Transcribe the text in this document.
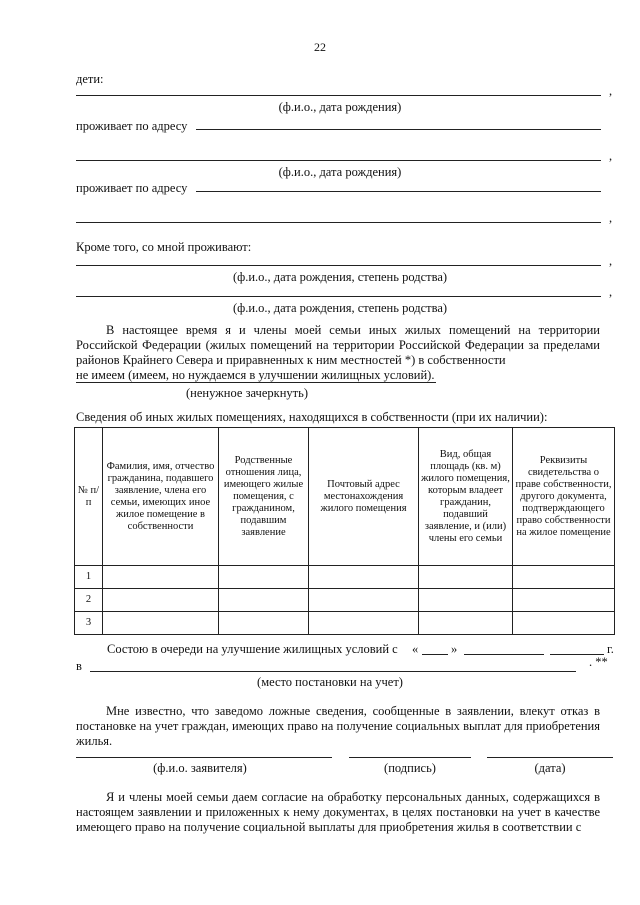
22
дети:
,
(ф.и.о., дата рождения)
проживает по адресу
,
(ф.и.о., дата рождения)
проживает по адресу
,
Кроме того, со мной проживают:
,
(ф.и.о., дата рождения, степень родства)
,
(ф.и.о., дата рождения, степень родства)
В настоящее время я и члены моей семьи иных жилых помещений на территории Российской Федерации (жилых помещений на территории Российской Федерации за пределами районов Крайнего Севера и приравненных к ним местностей *) в собственности
не имеем (имеем, но нуждаемся в улучшении жилищных условий).
(ненужное зачеркнуть)
Сведения об иных жилых помещениях, находящихся в собственности (при их наличии):
№ п/п	Фамилия, имя, отчество гражданина, подавшего заявление, члена его семьи, имеющих иное жилое помещение в собственности	Родственные отношения лица, имеющего жилые помещения, с гражданином, подавшим заявление	Почтовый адрес местонахождения жилого помещения	Вид, общая площадь (кв. м) жилого помещения, которым владеет гражданин, подавший заявление, и (или) члены его семьи	Реквизиты свидетельства о праве собственности, другого документа, подтверждающего право собственности на жилое помещение
1					
2					
3					
Состою в очереди на улучшение жилищных условий с «	»	г.
в	. **
(место постановки на учет)
Мне известно, что заведомо ложные сведения, сообщенные в заявлении, влекут отказ в постановке на учет граждан, имеющих право на получение социальных выплат для приобретения жилья.
(ф.и.о. заявителя)	(подпись)	(дата)
Я и члены моей семьи даем согласие на обработку персональных данных, содержащихся в настоящем заявлении и приложенных к нему документах, в целях постановки на учет в качестве имеющего право на получение социальной выплаты для приобретения жилья в соответствии с
